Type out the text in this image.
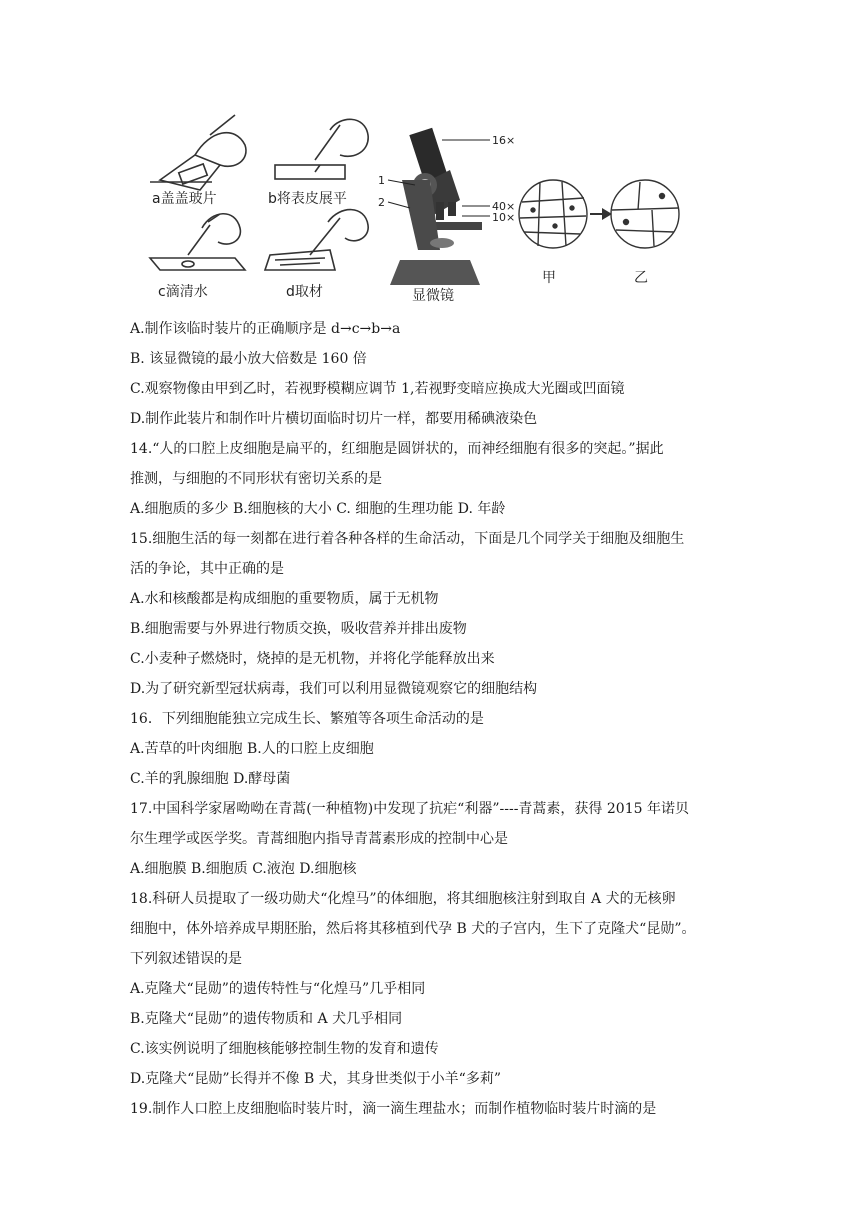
a盖盖玻片	b将表皮展平
c滴清水	d取材
16×
40×
10×
1
2
显微镜
甲	乙

A.制作该临时装片的正确顺序是 d→c→b→a

B. 该显微镜的最小放大倍数是 160 倍

C.观察物像由甲到乙时，若视野模糊应调节 1,若视野变暗应换成大光圈或凹面镜

D.制作此装片和制作叶片横切面临时切片一样，都要用稀碘液染色

14.“人的口腔上皮细胞是扁平的，红细胞是圆饼状的，而神经细胞有很多的突起。”据此

推测，与细胞的不同形状有密切关系的是

A.细胞质的多少 B.细胞核的大小 C. 细胞的生理功能 D. 年龄

15.细胞生活的每一刻都在进行着各种各样的生命活动，下面是几个同学关于细胞及细胞生

活的争论，其中正确的是

A.水和核酸都是构成细胞的重要物质，属于无机物

B.细胞需要与外界进行物质交换，吸收营养并排出废物

C.小麦种子燃烧时，烧掉的是无机物，并将化学能释放出来

D.为了研究新型冠状病毒，我们可以利用显微镜观察它的细胞结构

16．下列细胞能独立完成生长、繁殖等各项生命活动的是

A.苦草的叶肉细胞 B.人的口腔上皮细胞

C.羊的乳腺细胞 D.酵母菌

17.中国科学家屠呦呦在青蒿(一种植物)中发现了抗疟“利器”----青蒿素，获得 2015 年诺贝

尔生理学或医学奖。青蒿细胞内指导青蒿素形成的控制中心是

A.细胞膜 B.细胞质 C.液泡 D.细胞核

18.科研人员提取了一级功勋犬“化煌马”的体细胞，将其细胞核注射到取自 A 犬的无核卵

细胞中，体外培养成早期胚胎，然后将其移植到代孕 B 犬的子宫内，生下了克隆犬“昆勋”。

下列叙述错误的是

A.克隆犬“昆勋”的遗传特性与“化煌马”几乎相同

B.克隆犬“昆勋”的遗传物质和 A 犬几乎相同

C.该实例说明了细胞核能够控制生物的发育和遗传

D.克隆犬“昆勋”长得并不像 B 犬，其身世类似于小羊“多莉”

19.制作人口腔上皮细胞临时装片时，滴一滴生理盐水；而制作植物临时装片时滴的是
